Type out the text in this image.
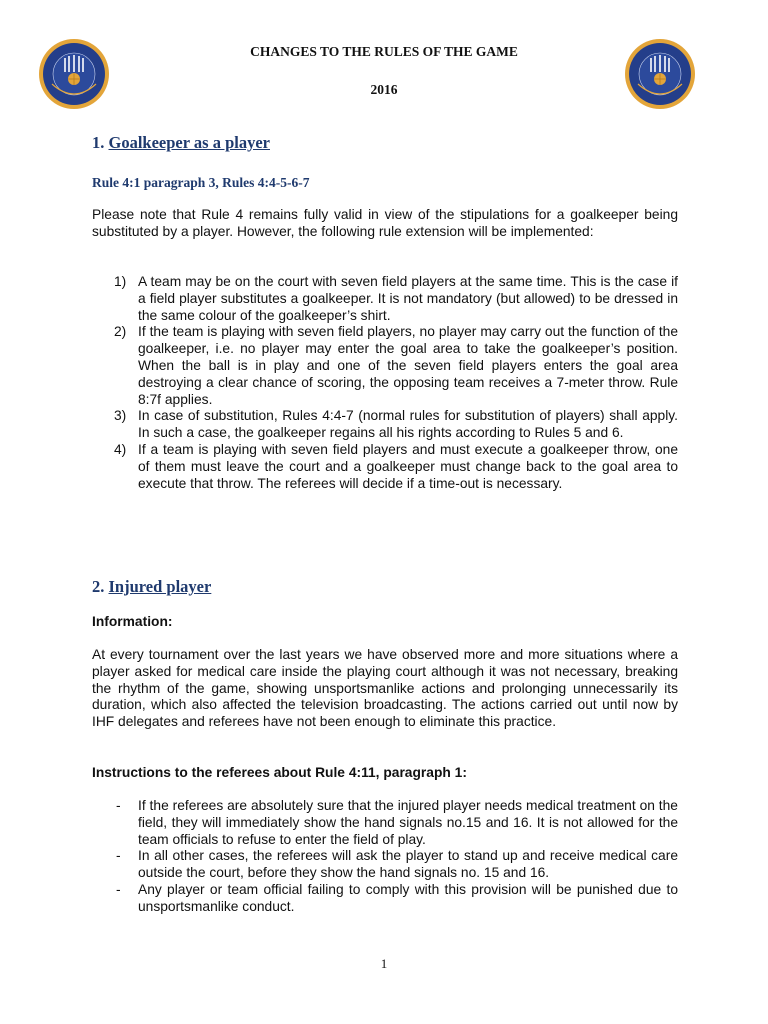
CHANGES TO THE RULES OF THE GAME
2016
1. Goalkeeper as a player
Rule 4:1 paragraph 3, Rules 4:4-5-6-7

Please note that Rule 4 remains fully valid in view of the stipulations for a goalkeeper being substituted by a player. However, the following rule extension will be implemented:

1) A team may be on the court with seven field players at the same time. This is the case if a field player substitutes a goalkeeper. It is not mandatory (but allowed) to be dressed in the same colour of the goalkeeper’s shirt.
2) If the team is playing with seven field players, no player may carry out the function of the goalkeeper, i.e. no player may enter the goal area to take the goalkeeper’s position. When the ball is in play and one of the seven field players enters the goal area destroying a clear chance of scoring, the opposing team receives a 7-meter throw. Rule 8:7f applies.
3) In case of substitution, Rules 4:4-7 (normal rules for substitution of players) shall apply. In such a case, the goalkeeper regains all his rights according to Rules 5 and 6.
4) If a team is playing with seven field players and must execute a goalkeeper throw, one of them must leave the court and a goalkeeper must change back to the goal area to execute that throw. The referees will decide if a time-out is necessary.
2. Injured player
Information:

At every tournament over the last years we have observed more and more situations where a player asked for medical care inside the playing court although it was not necessary, breaking the rhythm of the game, showing unsportsmanlike actions and prolonging unnecessarily its duration, which also affected the television broadcasting. The actions carried out until now by IHF delegates and referees have not been enough to eliminate this practice.

Instructions to the referees about Rule 4:11, paragraph 1:
- If the referees are absolutely sure that the injured player needs medical treatment on the field, they will immediately show the hand signals no.15 and 16. It is not allowed for the team officials to refuse to enter the field of play.
- In all other cases, the referees will ask the player to stand up and receive medical care outside the court, before they show the hand signals no. 15 and 16.
- Any player or team official failing to comply with this provision will be punished due to unsportsmanlike conduct.
1
